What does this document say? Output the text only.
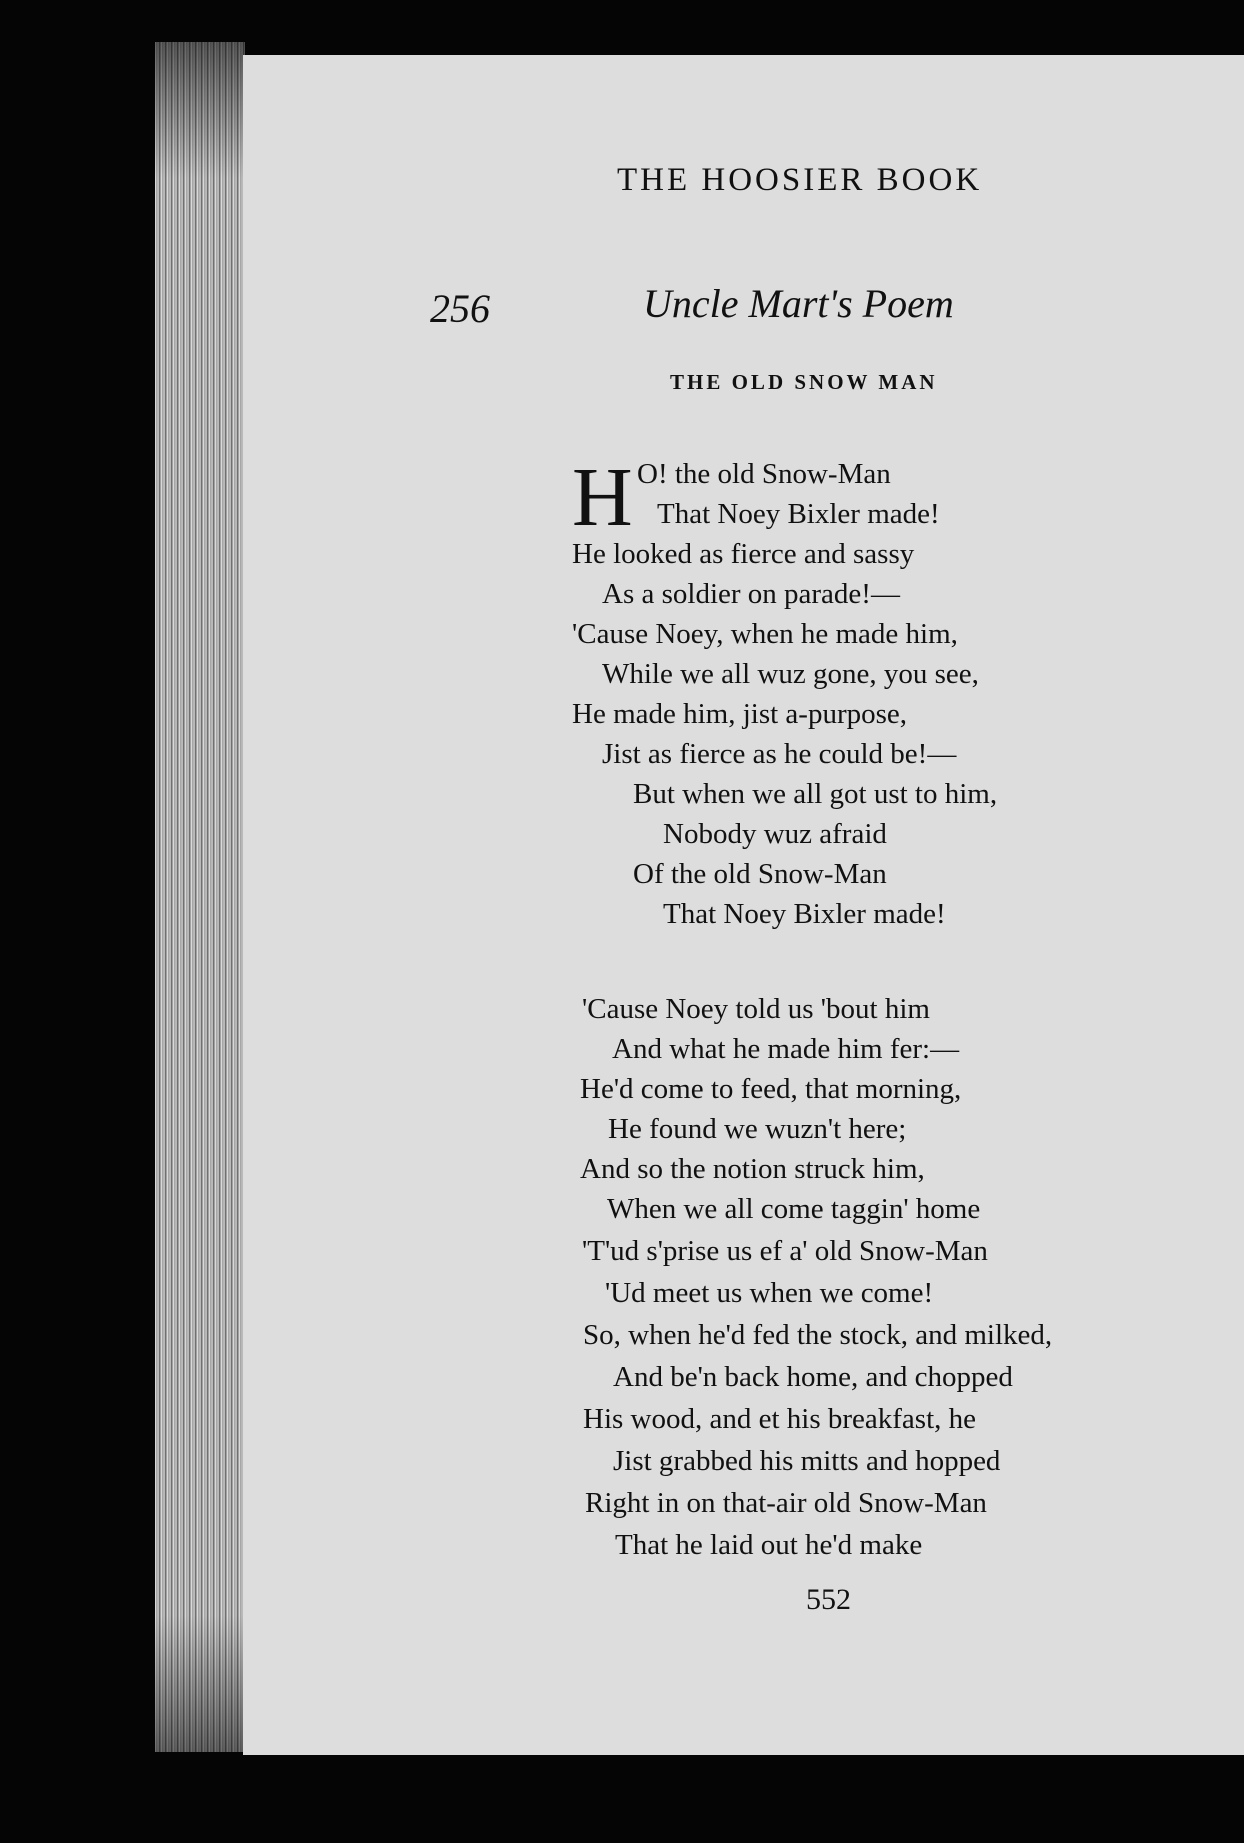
THE HOOSIER BOOK
256	Uncle Mart's Poem
THE OLD SNOW MAN
H O! the old Snow-Man
That Noey Bixler made!
He looked as fierce and sassy
As a soldier on parade!—
'Cause Noey, when he made him,
While we all wuz gone, you see,
He made him, jist a-purpose,
Jist as fierce as he could be!—
But when we all got ust to him,
Nobody wuz afraid
Of the old Snow-Man
That Noey Bixler made!
'Cause Noey told us 'bout him
And what he made him fer:—
He'd come to feed, that morning,
He found we wuzn't here;
And so the notion struck him,
When we all come taggin' home
'T'ud s'prise us ef a' old Snow-Man
'Ud meet us when we come!
So, when he'd fed the stock, and milked,
And be'n back home, and chopped
His wood, and et his breakfast, he
Jist grabbed his mitts and hopped
Right in on that-air old Snow-Man
That he laid out he'd make
552
